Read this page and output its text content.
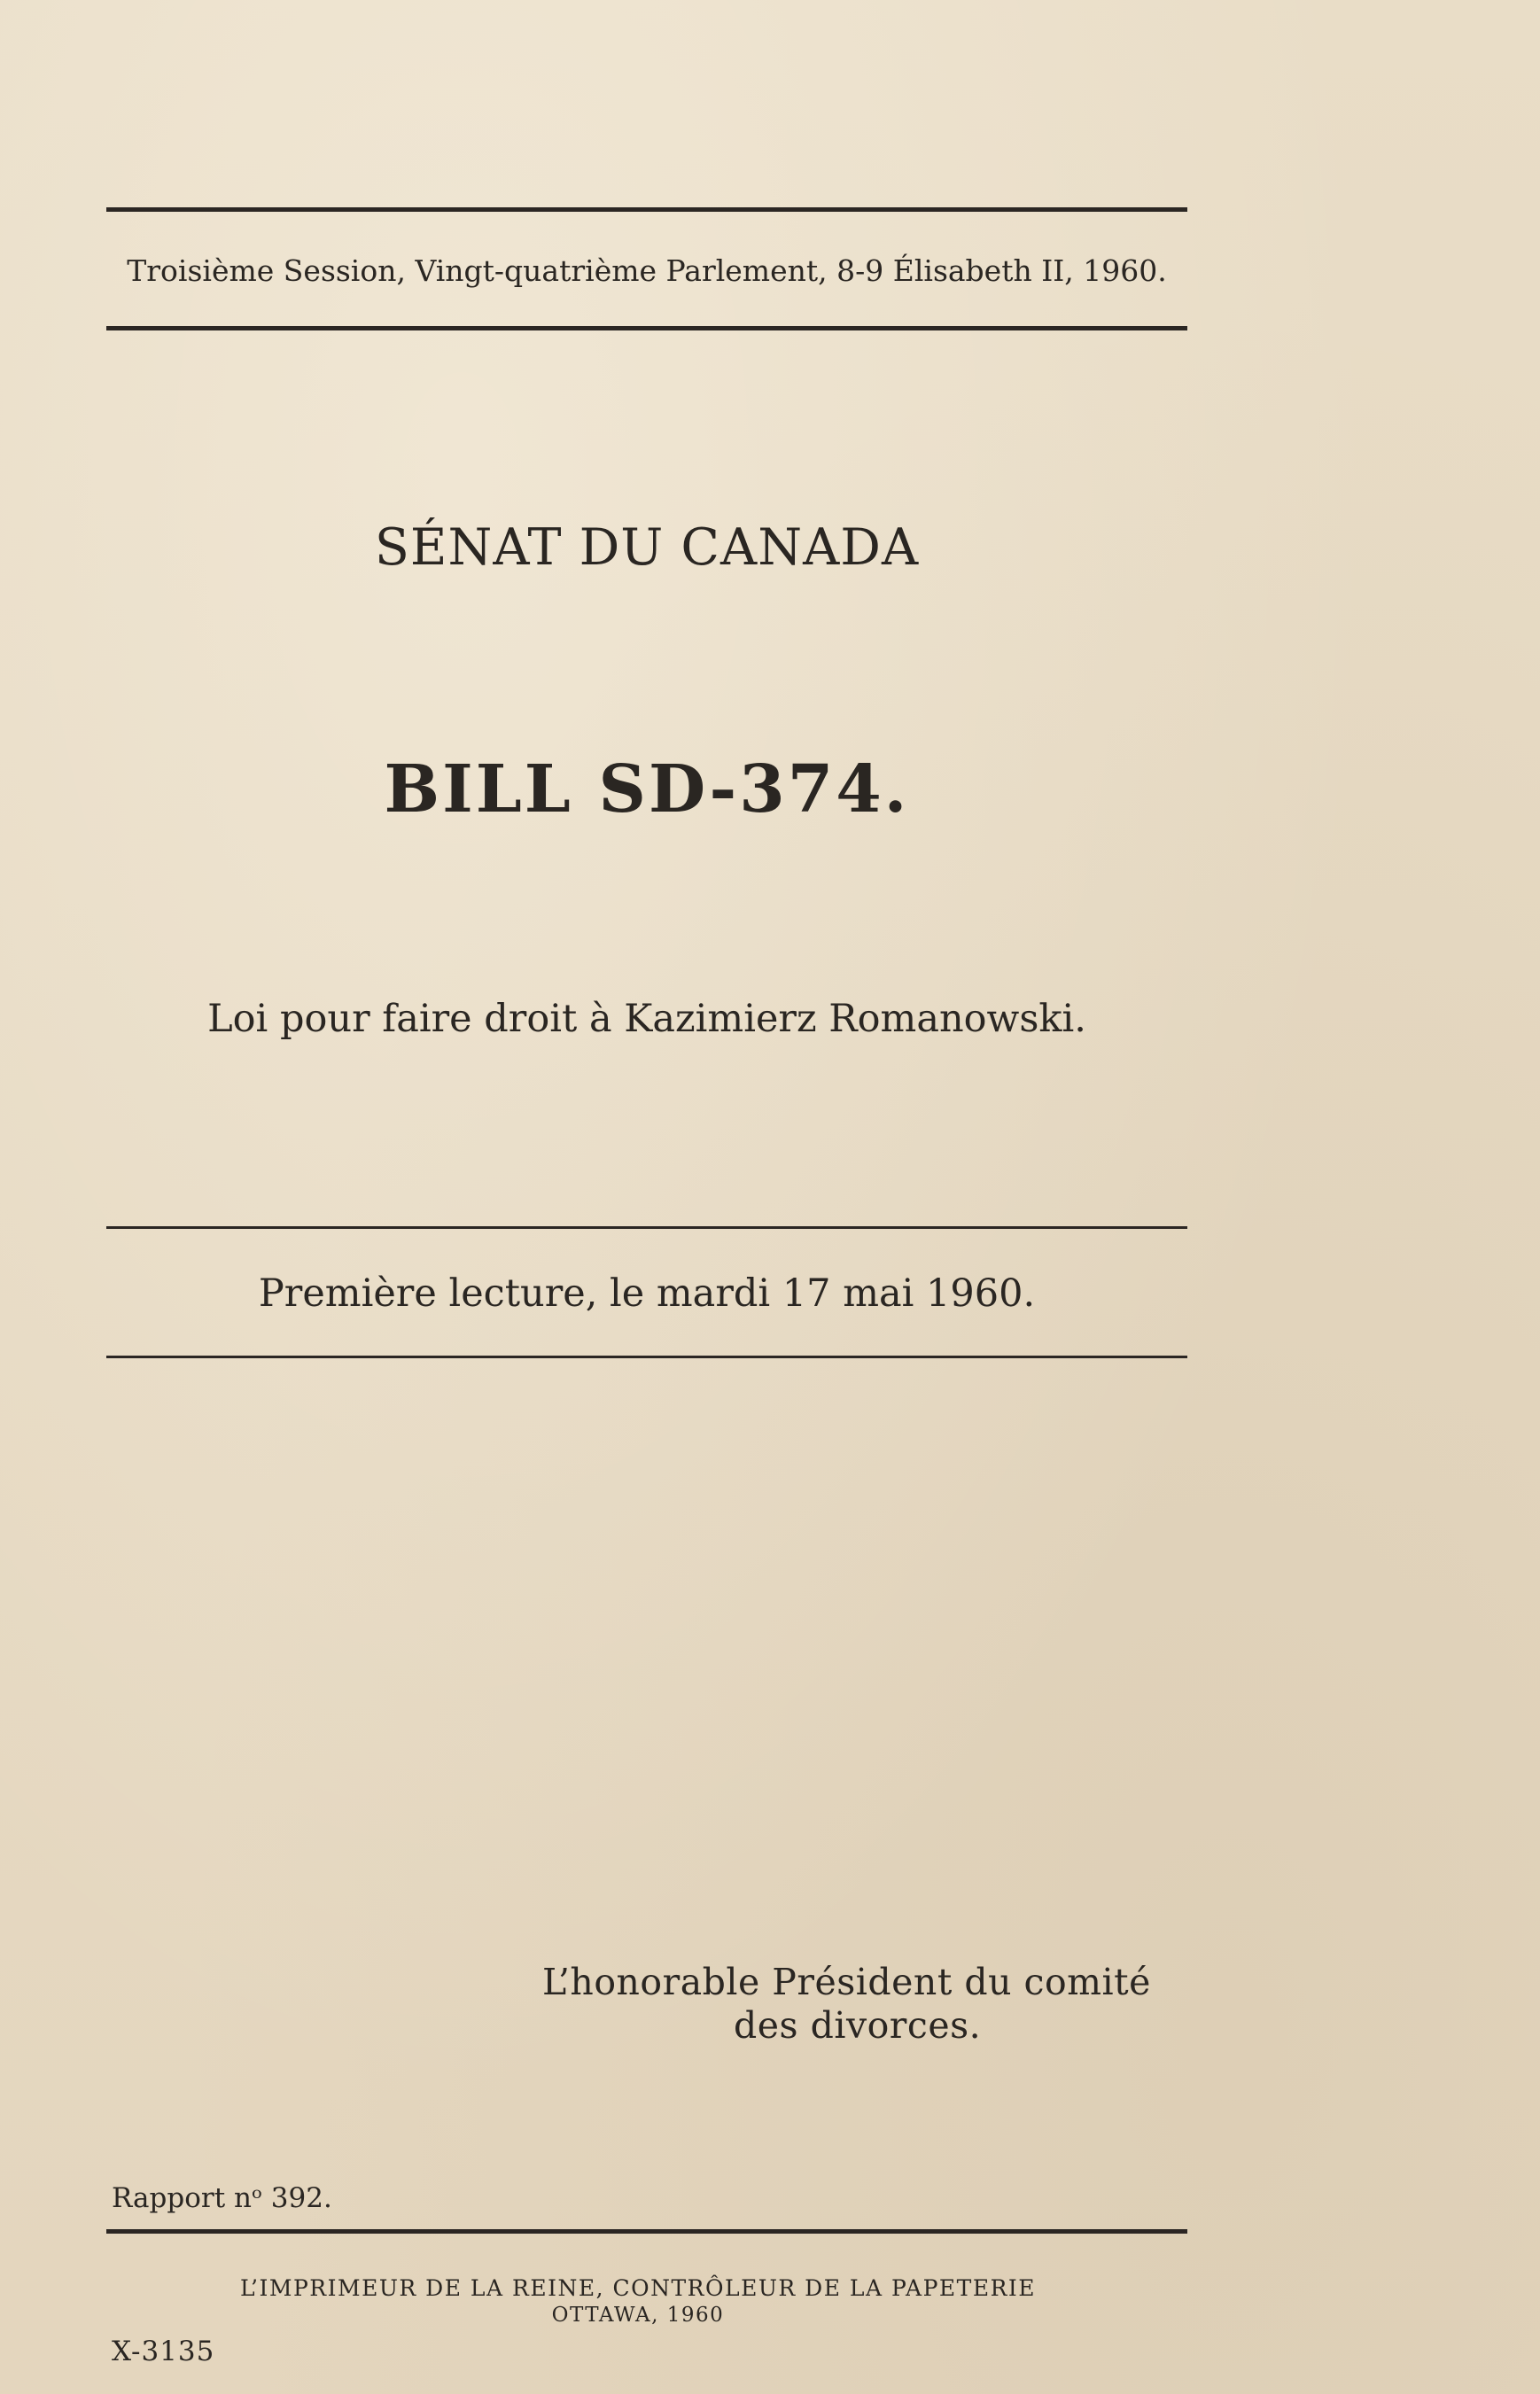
Troisième Session, Vingt-quatrième Parlement, 8-9 Élisabeth II, 1960.
SÉNAT DU CANADA
BILL SD-374.
Loi pour faire droit à Kazimierz Romanowski.
Première lecture, le mardi 17 mai 1960.
L’honorable Président du comité
des divorces.
Rapport nᵒ 392.
L’IMPRIMEUR DE LA REINE, CONTRÔLEUR DE LA PAPETERIE
OTTAWA, 1960
X-3135
